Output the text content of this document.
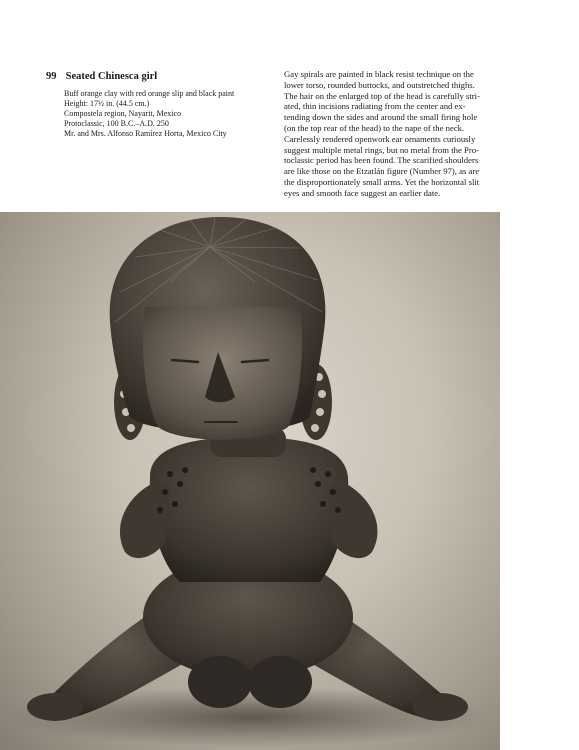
99 Seated Chinesca girl
Buff orange clay with red orange slip and black paint
Height: 17½ in. (44.5 cm.)
Compostela region, Nayarit, Mexico
Protoclassic, 100 B.C.–A.D. 250
Mr. and Mrs. Alfonso Ramírez Horta, Mexico City
Gay spirals are painted in black resist technique on the
lower torso, rounded buttocks, and outstretched thighs.
The hair on the enlarged top of the head is carefully stri-
ated, thin incisions radiating from the center and ex-
tending down the sides and around the small firing hole
(on the top rear of the head) to the nape of the neck.
Carelessly rendered openwork ear ornaments curiously
suggest multiple metal rings, but no metal from the Pro-
toclassic period has been found. The scarified shoulders
are like those on the Etzatlán figure (Number 97), as are
the disproportionately small arms. Yet the horizontal slit
eyes and smooth face suggest an earlier date.
